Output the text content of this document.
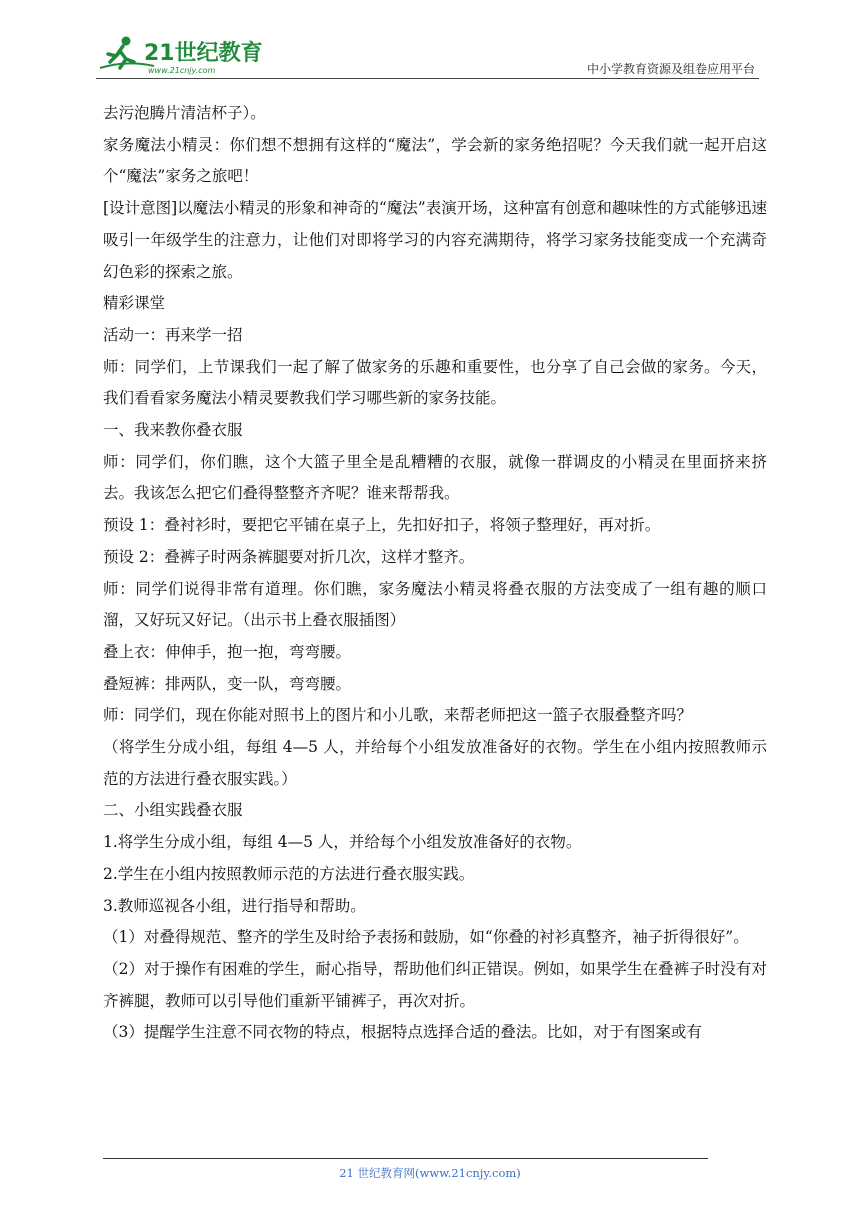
21世纪教育
www.21cnjy.com	中小学教育资源及组卷应用平台

去污泡腾片清洁杯子）。

家务魔法小精灵：你们想不想拥有这样的“魔法”，学会新的家务绝招呢？今天我们就一起开启这个“魔法”家务之旅吧！

[设计意图]以魔法小精灵的形象和神奇的“魔法”表演开场，这种富有创意和趣味性的方式能够迅速吸引一年级学生的注意力，让他们对即将学习的内容充满期待，将学习家务技能变成一个充满奇幻色彩的探索之旅。

精彩课堂

活动一：再来学一招

师：同学们，上节课我们一起了解了做家务的乐趣和重要性，也分享了自己会做的家务。今天，我们看看家务魔法小精灵要教我们学习哪些新的家务技能。

一、我来教你叠衣服

师：同学们，你们瞧，这个大篮子里全是乱糟糟的衣服，就像一群调皮的小精灵在里面挤来挤去。我该怎么把它们叠得整整齐齐呢？谁来帮帮我。

预设 1：叠衬衫时，要把它平铺在桌子上，先扣好扣子，将领子整理好，再对折。

预设 2：叠裤子时两条裤腿要对折几次，这样才整齐。

师：同学们说得非常有道理。你们瞧，家务魔法小精灵将叠衣服的方法变成了一组有趣的顺口溜，又好玩又好记。（出示书上叠衣服插图）

叠上衣：伸伸手，抱一抱，弯弯腰。

叠短裤：排两队，变一队，弯弯腰。

师：同学们，现在你能对照书上的图片和小儿歌，来帮老师把这一篮子衣服叠整齐吗？

（将学生分成小组，每组 4—5 人，并给每个小组发放准备好的衣物。学生在小组内按照教师示范的方法进行叠衣服实践。）

二、小组实践叠衣服

1.将学生分成小组，每组 4—5 人，并给每个小组发放准备好的衣物。

2.学生在小组内按照教师示范的方法进行叠衣服实践。

3.教师巡视各小组，进行指导和帮助。

（1）对叠得规范、整齐的学生及时给予表扬和鼓励，如“你叠的衬衫真整齐，袖子折得很好”。

（2）对于操作有困难的学生，耐心指导，帮助他们纠正错误。例如，如果学生在叠裤子时没有对齐裤腿，教师可以引导他们重新平铺裤子，再次对折。

（3）提醒学生注意不同衣物的特点，根据特点选择合适的叠法。比如，对于有图案或有

21 世纪教育网(www.21cnjy.com)
